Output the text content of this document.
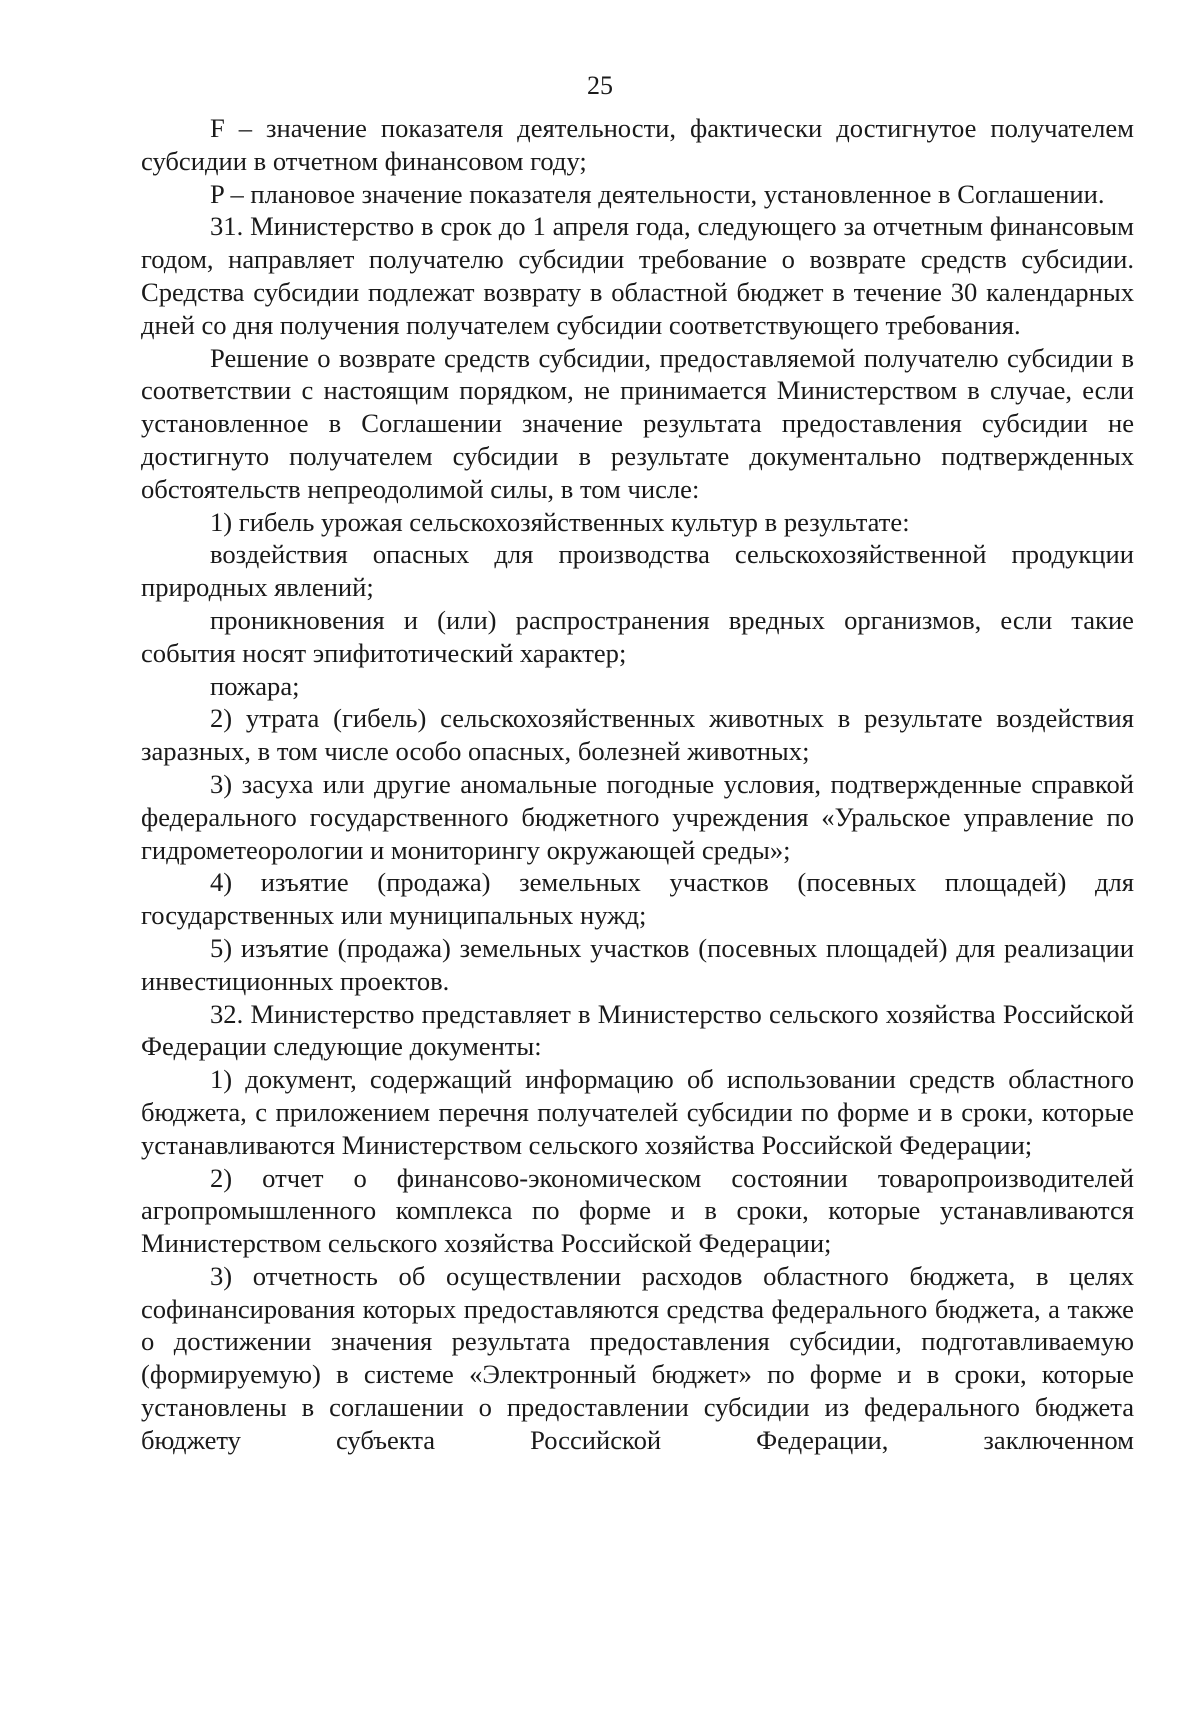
25

F – значение показателя деятельности, фактически достигнутое получателем субсидии в отчетном финансовом году;

P – плановое значение показателя деятельности, установленное в Соглашении.

31. Министерство в срок до 1 апреля года, следующего за отчетным финансовым годом, направляет получателю субсидии требование о возврате средств субсидии. Средства субсидии подлежат возврату в областной бюджет в течение 30 календарных дней со дня получения получателем субсидии соответствующего требования.

Решение о возврате средств субсидии, предоставляемой получателю субсидии в соответствии с настоящим порядком, не принимается Министерством в случае, если установленное в Соглашении значение результата предоставления субсидии не достигнуто получателем субсидии в результате документально подтвержденных обстоятельств непреодолимой силы, в том числе:

1) гибель урожая сельскохозяйственных культур в результате:

воздействия опасных для производства сельскохозяйственной продукции природных явлений;

проникновения и (или) распространения вредных организмов, если такие события носят эпифитотический характер;

пожара;

2) утрата (гибель) сельскохозяйственных животных в результате воздействия заразных, в том числе особо опасных, болезней животных;

3) засуха или другие аномальные погодные условия, подтвержденные справкой федерального государственного бюджетного учреждения «Уральское управление по гидрометеорологии и мониторингу окружающей среды»;

4) изъятие (продажа) земельных участков (посевных площадей) для государственных или муниципальных нужд;

5) изъятие (продажа) земельных участков (посевных площадей) для реализации инвестиционных проектов.

32. Министерство представляет в Министерство сельского хозяйства Российской Федерации следующие документы:

1) документ, содержащий информацию об использовании средств областного бюджета, с приложением перечня получателей субсидии по форме и в сроки, которые устанавливаются Министерством сельского хозяйства Российской Федерации;

2) отчет о финансово-экономическом состоянии товаропроизводителей агропромышленного комплекса по форме и в сроки, которые устанавливаются Министерством сельского хозяйства Российской Федерации;

3) отчетность об осуществлении расходов областного бюджета, в целях софинансирования которых предоставляются средства федерального бюджета, а также о достижении значения результата предоставления субсидии, подготавливаемую (формируемую) в системе «Электронный бюджет» по форме и в сроки, которые установлены в соглашении о предоставлении субсидии из федерального бюджета бюджету субъекта Российской Федерации, заключенном
